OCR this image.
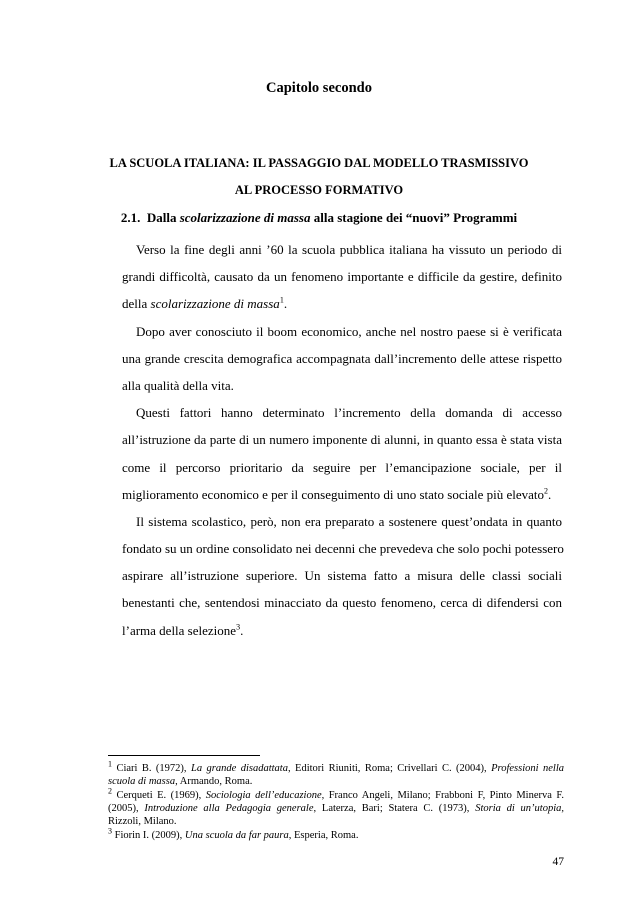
Capitolo secondo
LA SCUOLA ITALIANA: IL PASSAGGIO DAL MODELLO TRASMISSIVO
AL PROCESSO FORMATIVO
2.1. Dalla scolarizzazione di massa alla stagione dei “nuovi” Programmi
Verso la fine degli anni ’60 la scuola pubblica italiana ha vissuto un periodo di
grandi difficoltà, causato da un fenomeno importante e difficile da gestire, definito
della scolarizzazione di massa$^1$.
Dopo aver conosciuto il boom economico, anche nel nostro paese si è verificata
una grande crescita demografica accompagnata dall’incremento delle attese rispetto
alla qualità della vita.
Questi fattori hanno determinato l’incremento della domanda di accesso
all’istruzione da parte di un numero imponente di alunni, in quanto essa è stata vista
come il percorso prioritario da seguire per l’emancipazione sociale, per il
miglioramento economico e per il conseguimento di uno stato sociale più elevato$^2$.
Il sistema scolastico, però, non era preparato a sostenere quest’ondata in quanto
fondato su un ordine consolidato nei decenni che prevedeva che solo pochi potessero
aspirare all’istruzione superiore. Un sistema fatto a misura delle classi sociali
benestanti che, sentendosi minacciato da questo fenomeno, cerca di difendersi con
l’arma della selezione$^3$.
$^1$ Ciari B. (1972), La grande disadattata, Editori Riuniti, Roma; Crivellari C. (2004), Professioni nella
scuola di massa, Armando, Roma.
$^2$ Cerqueti E. (1969), Sociologia dell’educazione, Franco Angeli, Milano; Frabboni F, Pinto Minerva F.
(2005), Introduzione alla Pedagogia generale, Laterza, Bari; Statera C. (1973), Storia di un’utopia,
Rizzoli, Milano.
$^3$ Fiorin I. (2009), Una scuola da far paura, Esperia, Roma.
47
